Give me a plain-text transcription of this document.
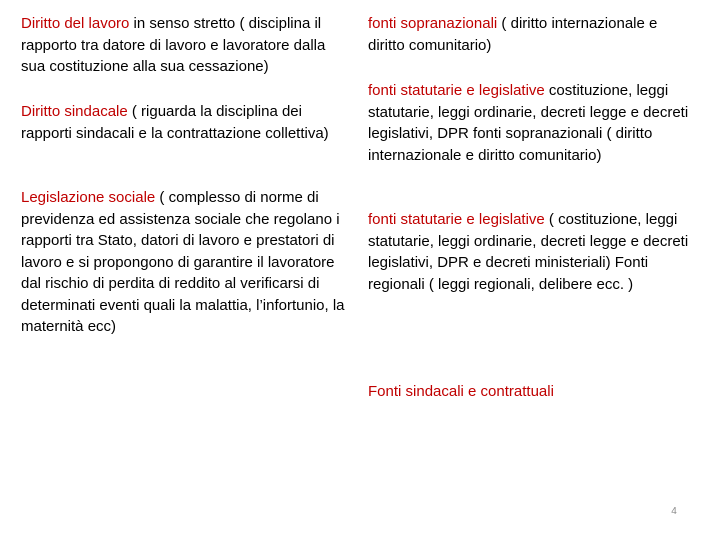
Diritto del lavoro in senso stretto ( disciplina il rapporto tra datore di lavoro e lavoratore dalla sua costituzione alla sua cessazione)

Diritto sindacale ( riguarda la disciplina dei rapporti sindacali e la contrattazione collettiva)

Legislazione sociale ( complesso di norme di previdenza ed assistenza sociale che regolano i rapporti tra Stato, datori di lavoro e prestatori di lavoro e si propongono di garantire il lavoratore dal rischio di perdita di reddito al verificarsi di determinati eventi quali la malattia, l’infortunio, la maternità ecc)

fonti sopranazionali ( diritto internazionale e diritto comunitario)

fonti statutarie e legislative costituzione, leggi statutarie, leggi ordinarie, decreti legge e decreti legislativi, DPR fonti sopranazionali ( diritto internazionale e diritto comunitario)

fonti statutarie e legislative ( costituzione, leggi statutarie, leggi ordinarie, decreti legge e decreti legislativi, DPR e decreti ministeriali) Fonti regionali ( leggi regionali, delibere ecc. )

Fonti sindacali e contrattuali

4
